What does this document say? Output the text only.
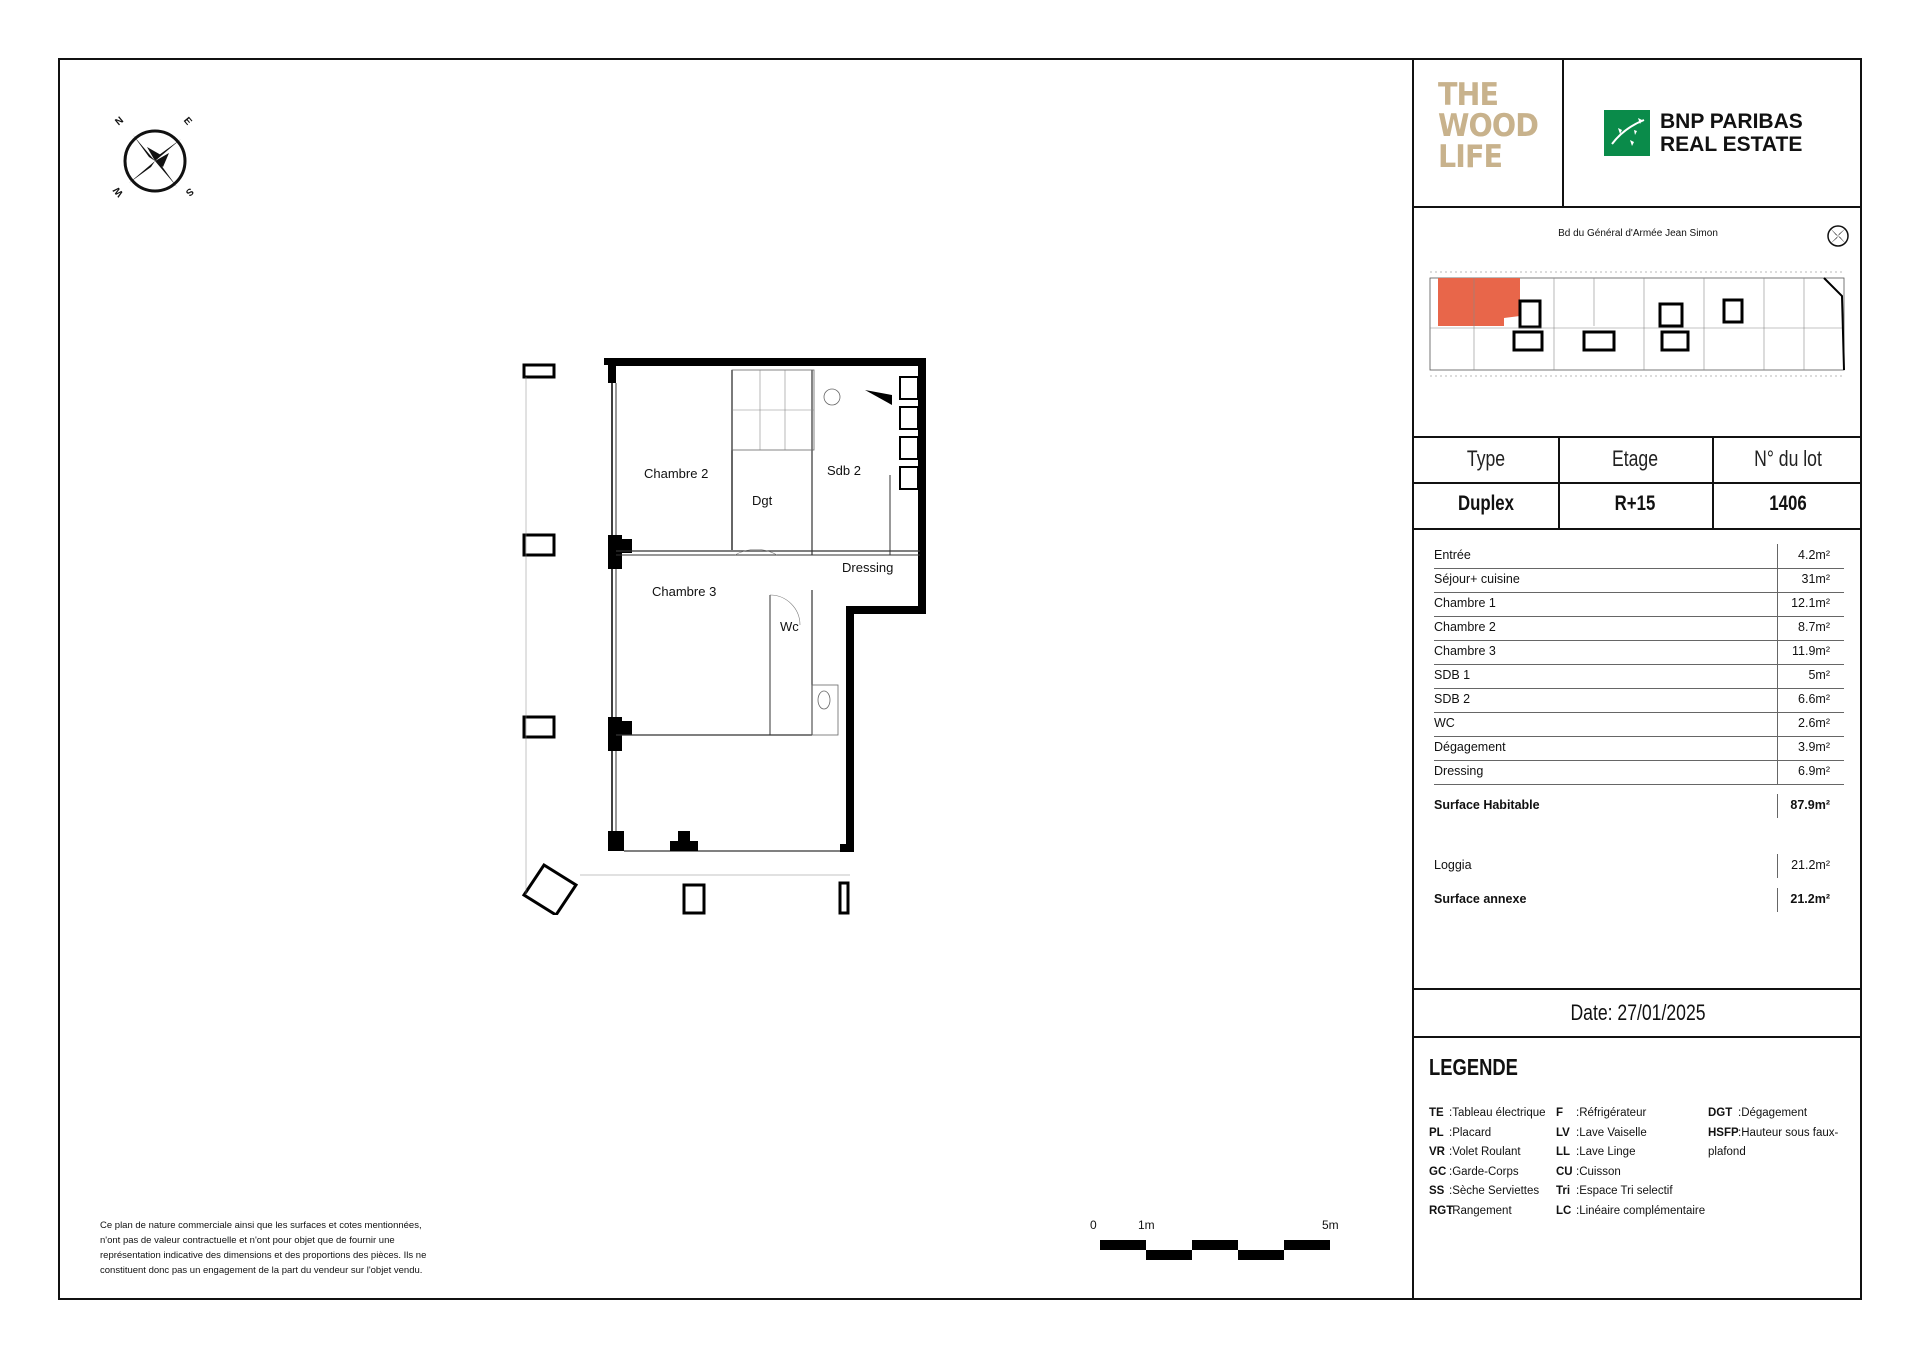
N	E
S
W
Chambre 2
Dgt
Sdb 2
Dressing
Chambre 3
Wc
Ce plan de nature commerciale ainsi que les surfaces et cotes mentionnées, n'ont pas de valeur contractuelle et n'ont pour objet que de fournir une représentation indicative des dimensions et des proportions des pièces. Ils ne constituent donc pas un engagement de la part du vendeur sur l'objet vendu.
0	1m	5m
THE
WOOD
LIFE
BNP PARIBAS
REAL ESTATE
Bd du Général d'Armée Jean Simon
Type	Etage	N° du lot
Duplex	R+15	1406
Entrée	4.2m²
Séjour+ cuisine	31m²
Chambre 1	12.1m²
Chambre 2	8.7m²
Chambre 3	11.9m²
SDB 1	5m²
SDB 2	6.6m²
WC	2.6m²
Dégagement	3.9m²
Dressing	6.9m²
Surface Habitable	87.9m²
Loggia	21.2m²
Surface annexe	21.2m²
Date: 27/01/2025
LEGENDE
TE :Tableau électrique
PL :Placard
VR :Volet Roulant
GC :Garde-Corps
SS :Sèche Serviettes
RGT:Rangement
F :Réfrigérateur
LV :Lave Vaiselle
LL :Lave Linge
CU :Cuisson
Tri :Espace Tri selectif
LC :Linéaire complémentaire
DGT :Dégagement
HSFP:Hauteur sous faux-plafond
